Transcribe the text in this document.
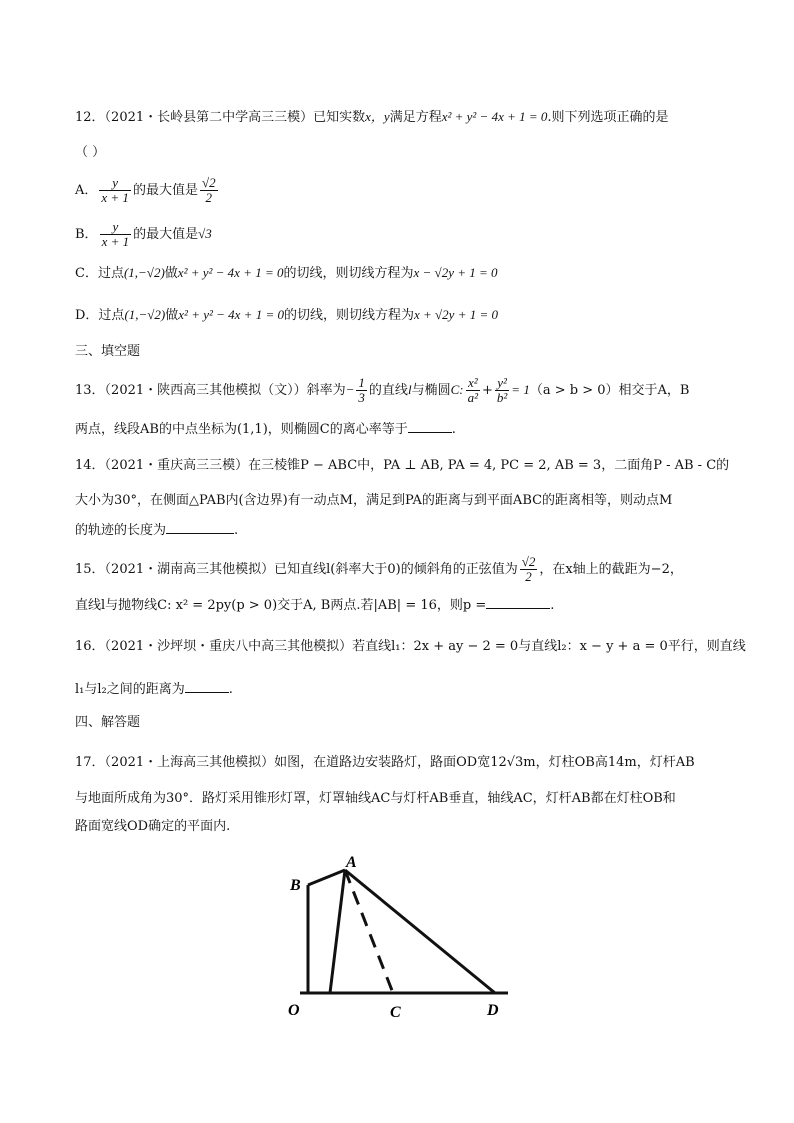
12．（2021・长岭县第二中学高三三模）已知实数x，y满足方程x² + y² − 4x + 1 = 0.则下列选项正确的是
（ ）
A． $\frac{y}{x + 1}$ 的最大值是 $\frac{√2}{2}$
B． $\frac{y}{x + 1}$ 的最大值是√3
C．过点(1,−√2)做x² + y² − 4x + 1 = 0的切线，则切线方程为x − √2y + 1 = 0
D．过点(1,−√2)做x² + y² − 4x + 1 = 0的切线，则切线方程为x + √2y + 1 = 0
三、填空题
13．（2021・陕西高三其他模拟（文））斜率为− $\frac{1}{3}$ 的直线l与椭圆C: $\frac{\text{x²}}{\text{a²}} + \frac{\text{y²}}{\text{b²}} = 1(a > b > 0)$相交于A，B
两点，线段AB的中点坐标为(1,1)，则椭圆C的离心率等于	.
14．（2021・重庆高三三模）在三棱锥P − ABC中，PA ⊥ AB, PA = 4, PC = 2, AB = 3，二面角P - AB - C的
大小为30°，在侧面△PAB内(含边界)有一动点M，满足到PA的距离与到平面ABC的距离相等，则动点M
的轨迹的长度为	.
15．（2021・湖南高三其他模拟）已知直线l(斜率大于0)的倾斜角的正弦值为 $\frac{√2}{2}$ ，在x轴上的截距为−2，
直线l与抛物线C: x² = 2py(p > 0)交于A, B两点.若|AB| = 16，则p =	.
16．（2021・沙坪坝・重庆八中高三其他模拟）若直线l₁：2x + ay − 2 = 0与直线l₂：x − y + a = 0平行，则直线
l₁与l₂之间的距离为	.
四、解答题
17．（2021・上海高三其他模拟）如图，在道路边安装路灯，路面OD宽12√3m，灯柱OB高14m，灯杆AB
与地面所成角为30°．路灯采用锥形灯罩，灯罩轴线AC与灯杆AB垂直，轴线AC，灯杆AB都在灯柱OB和
路面宽线OD确定的平面内.
A
B
O	C	D
